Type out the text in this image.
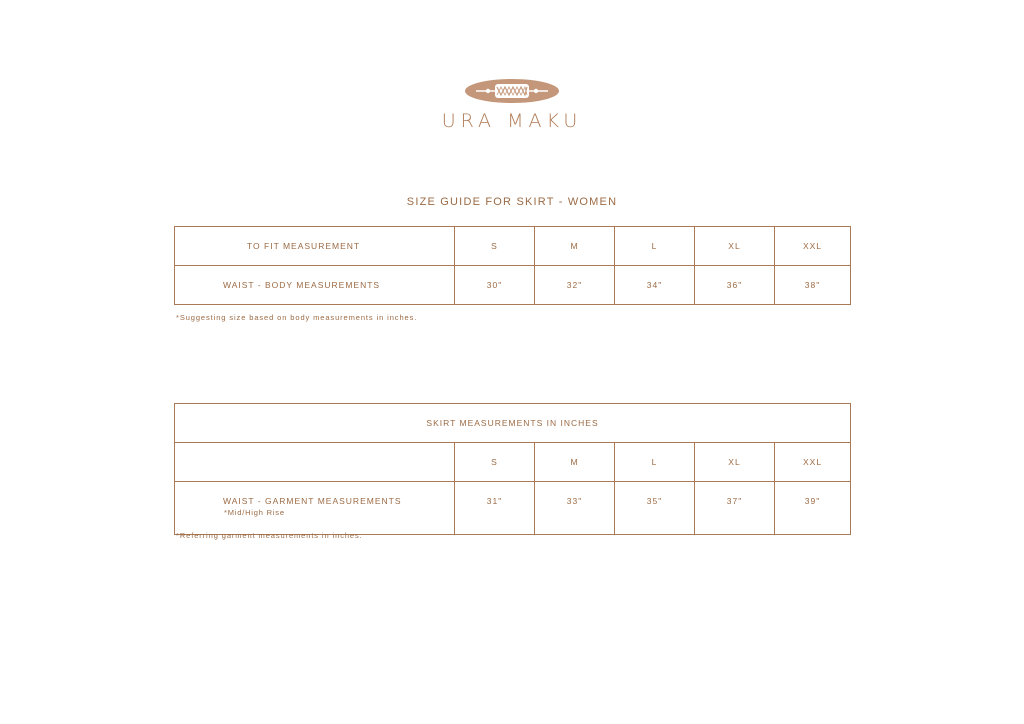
URA MAKU
SIZE GUIDE FOR SKIRT - WOMEN
TO FIT MEASUREMENT	S	M	L	XL	XXL
WAIST - BODY MEASUREMENTS	30"	32"	34"	36"	38"
*Suggesting size based on body measurements in inches.
SKIRT MEASUREMENTS IN INCHES					
	S	M	L	XL	XXL
WAIST - GARMENT MEASUREMENTS
*Mid/High Rise	31"	33"	35"	37"	39"
*Referring garment measurements in inches.
